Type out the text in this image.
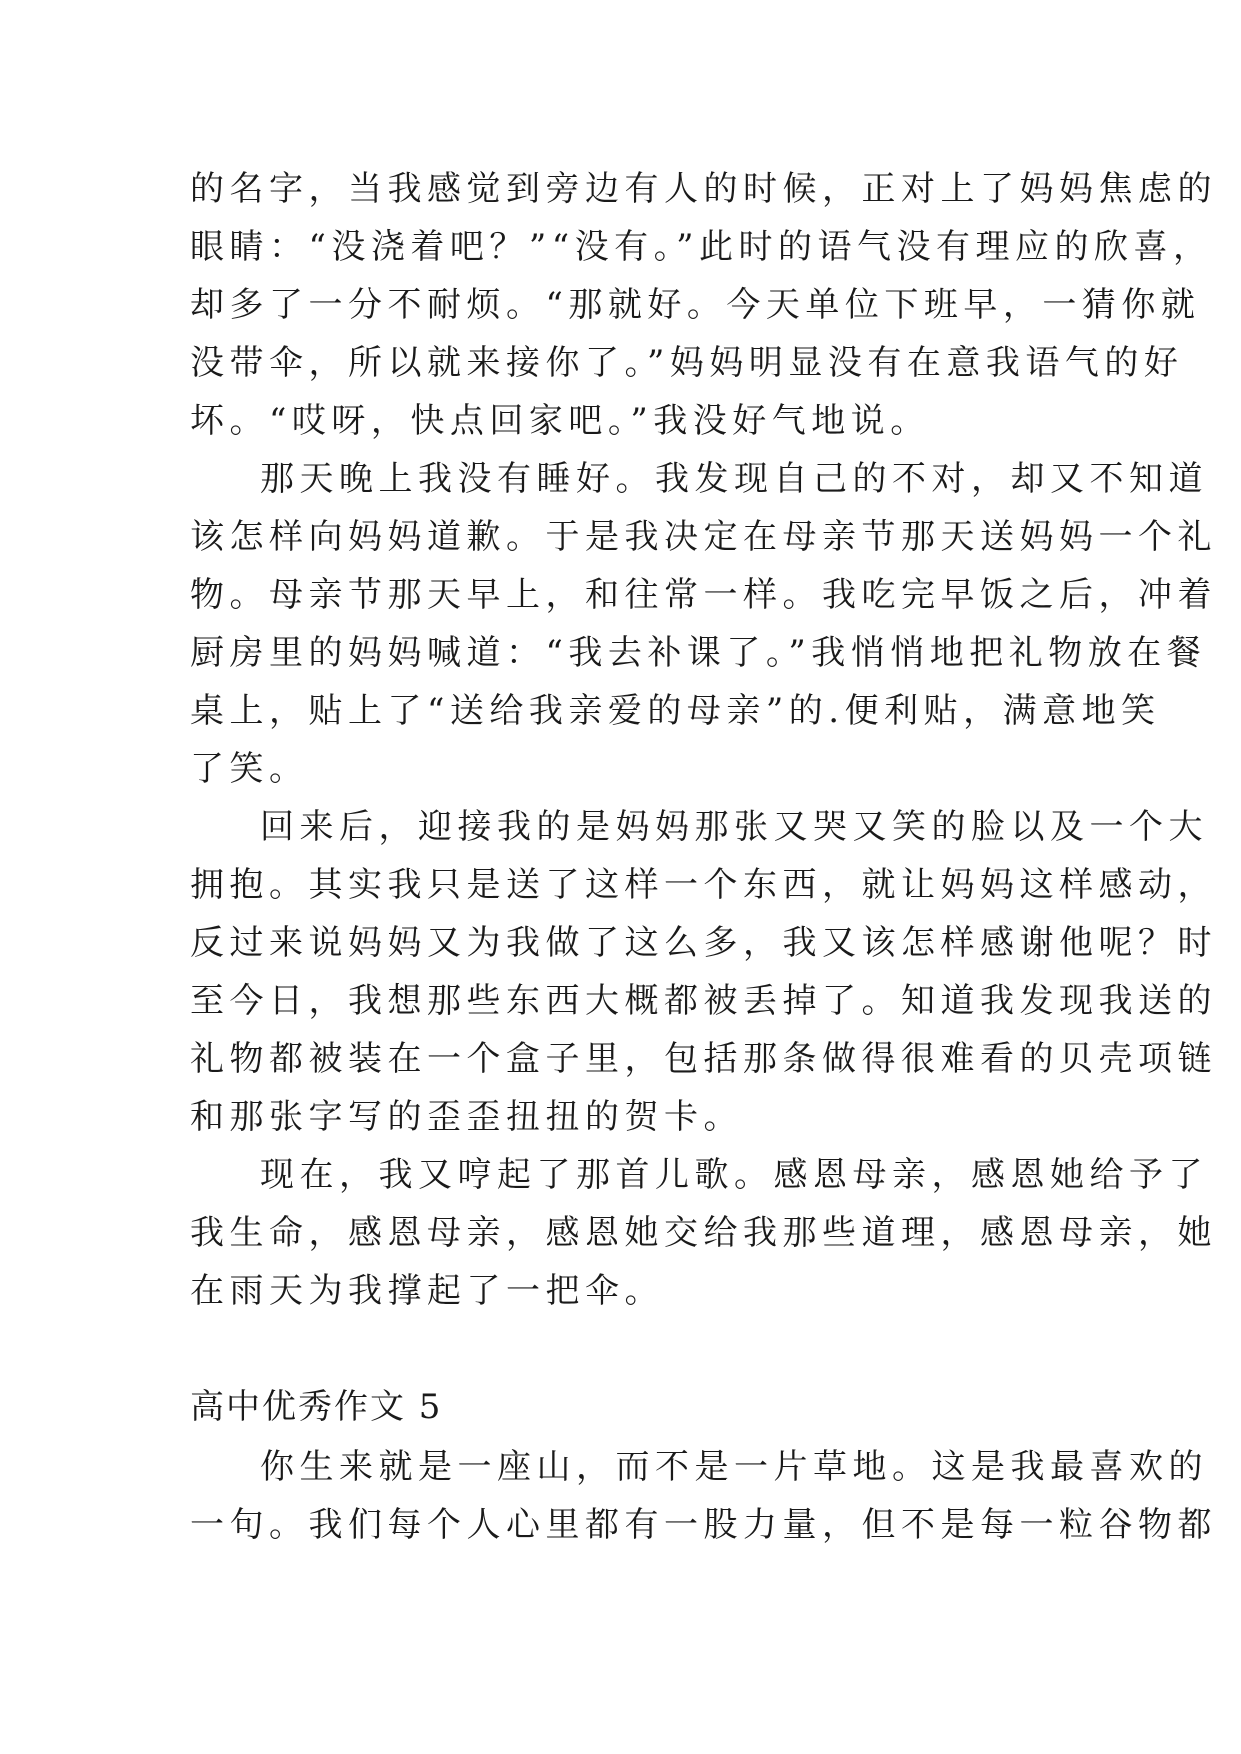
的名字，当我感觉到旁边有人的时候，正对上了妈妈焦虑的
眼睛：“没浇着吧？”“没有。”此时的语气没有理应的欣喜，
却多了一分不耐烦。“那就好。今天单位下班早，一猜你就
没带伞，所以就来接你了。”妈妈明显没有在意我语气的好
坏。“哎呀，快点回家吧。”我没好气地说。
那天晚上我没有睡好。我发现自己的不对，却又不知道
该怎样向妈妈道歉。于是我决定在母亲节那天送妈妈一个礼
物。母亲节那天早上，和往常一样。我吃完早饭之后，冲着
厨房里的妈妈喊道：“我去补课了。”我悄悄地把礼物放在餐
桌上，贴上了“送给我亲爱的母亲”的.便利贴，满意地笑
了笑。
回来后，迎接我的是妈妈那张又哭又笑的脸以及一个大
拥抱。其实我只是送了这样一个东西，就让妈妈这样感动，
反过来说妈妈又为我做了这么多，我又该怎样感谢他呢？时
至今日，我想那些东西大概都被丢掉了。知道我发现我送的
礼物都被装在一个盒子里，包括那条做得很难看的贝壳项链
和那张字写的歪歪扭扭的贺卡。
现在，我又哼起了那首儿歌。感恩母亲，感恩她给予了
我生命，感恩母亲，感恩她交给我那些道理，感恩母亲，她
在雨天为我撑起了一把伞。
高中优秀作文 5
你生来就是一座山，而不是一片草地。这是我最喜欢的
一句。我们每个人心里都有一股力量，但不是每一粒谷物都
